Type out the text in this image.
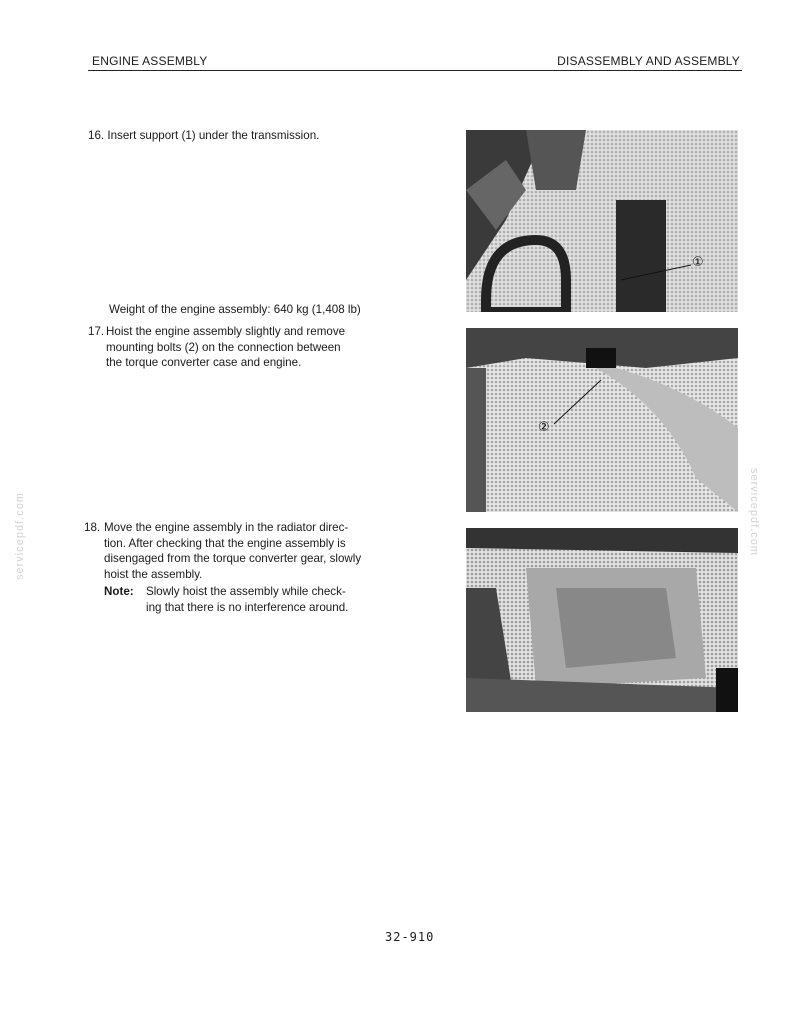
ENGINE ASSEMBLY	DISASSEMBLY AND ASSEMBLY
servicepdf.com	servicepdf.com
16. Insert support (1) under the transmission.
Weight of the engine assembly: 640 kg (1,408 lb)
17. Hoist the engine assembly slightly and remove
mounting bolts (2) on the connection between
the torque converter case and engine.
18. Move the engine assembly in the radiator direc-
tion. After checking that the engine assembly is
disengaged from the torque converter gear, slowly
hoist the assembly.
Note: Slowly hoist the assembly while check-
ing that there is no interference around.
①
②
32-910
